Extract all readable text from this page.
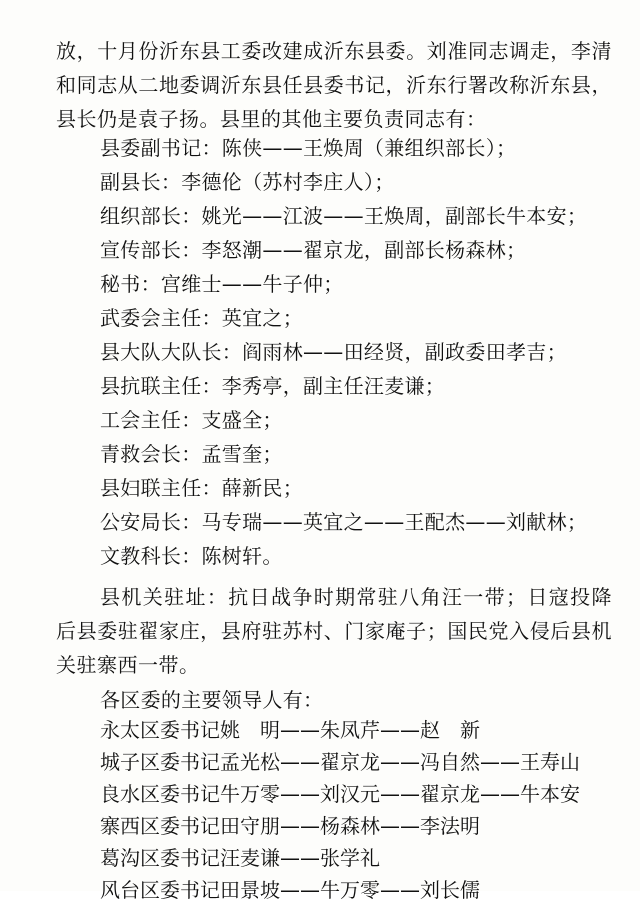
放，十月份沂东县工委改建成沂东县委。刘准同志调走，李清和同志从二地委调沂东县任县委书记，沂东行署改称沂东县，县长仍是袁子扬。县里的其他主要负责同志有：

县委副书记：陈侠——王焕周（兼组织部长）；
副县长：李德伦（苏村李庄人）；
组织部长：姚光——江波——王焕周，副部长牛本安；
宣传部长：李怒潮——翟京龙，副部长杨森林；
秘书：宫维士——牛子仲；
武委会主任：英宜之；
县大队大队长：阎雨林——田经贤，副政委田孝吉；
县抗联主任：李秀亭，副主任汪麦谦；
工会主任：支盛全；
青救会长：孟雪奎；
县妇联主任：薛新民；
公安局长：马专瑞——英宜之——王配杰——刘献林；
文教科长：陈树轩。

县机关驻址：抗日战争时期常驻八角汪一带；日寇投降后县委驻翟家庄，县府驻苏村、门家庵子；国民党入侵后县机关驻寨西一带。

各区委的主要领导人有：
永太区委书记姚　明——朱凤芹——赵　新
城子区委书记孟光松——翟京龙——冯自然——王寿山
良水区委书记牛万零——刘汉元——翟京龙——牛本安
寨西区委书记田守朋——杨森林——李法明
葛沟区委书记汪麦谦——张学礼
风台区委书记田景坡——牛万零——刘长儒
